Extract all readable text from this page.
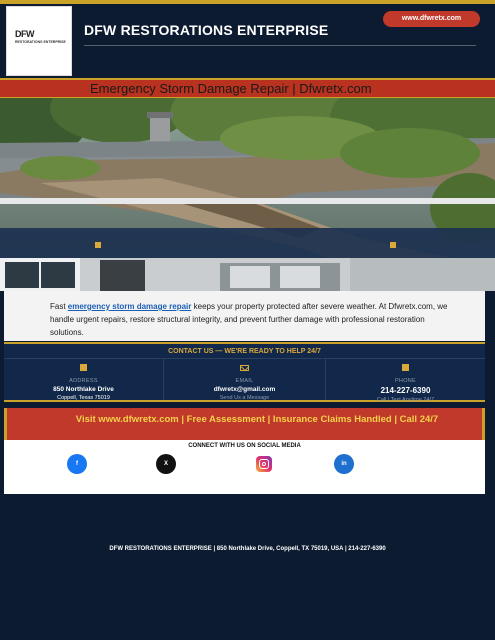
DFW
RESTORATIONS ENTERPRISE
DFW RESTORATIONS ENTERPRISE
www.dfwretx.com
Emergency Storm Damage Repair | Dfwretx.com

Fast emergency storm damage repair keeps your property protected after severe weather. At Dfwretx.com, we handle urgent repairs, restore structural integrity, and prevent further damage with professional restoration solutions.

CONTACT US — WE'RE READY TO HELP 24/7
ADDRESS
850 Northlake Drive
Coppell, Texas 75019
EMAIL
dfwretx@gmail.com
Send Us a Message
PHONE
214-227-6390
Call | Text Anytime 24/7
Visit www.dfwretx.com | Free Assessment | Insurance Claims Handled | Call 24/7
CONNECT WITH US ON SOCIAL MEDIA
f	X	in
DFW RESTORATIONS ENTERPRISE | 850 Northlake Drive, Coppell, TX 75019, USA | 214-227-6390
